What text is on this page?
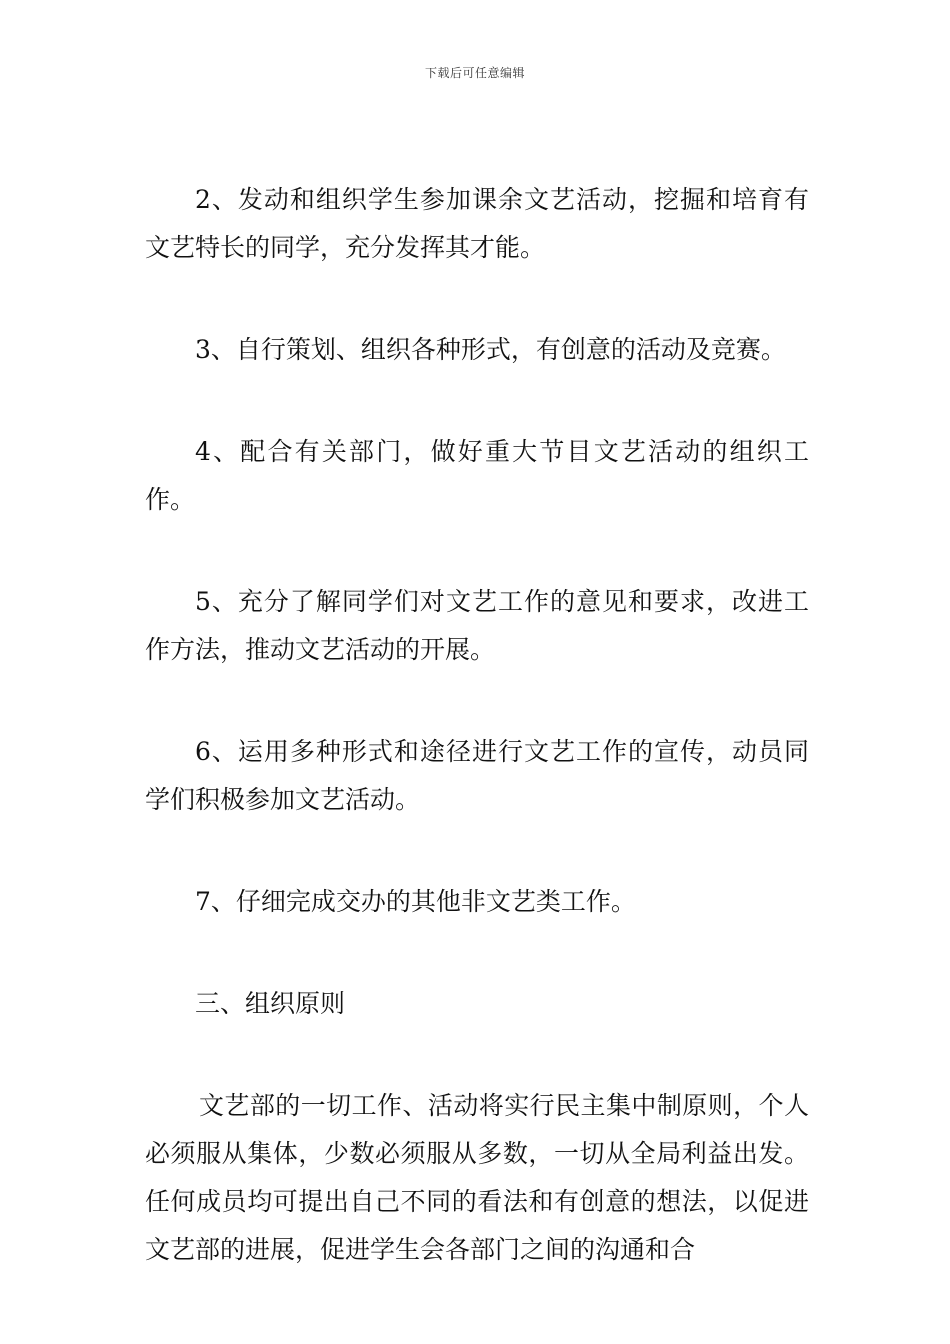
下载后可任意编辑

2、发动和组织学生参加课余文艺活动，挖掘和培育有文艺特长的同学，充分发挥其才能。

3、自行策划、组织各种形式，有创意的活动及竞赛。

4、配合有关部门，做好重大节目文艺活动的组织工作。

5、充分了解同学们对文艺工作的意见和要求，改进工作方法，推动文艺活动的开展。

6、运用多种形式和途径进行文艺工作的宣传，动员同学们积极参加文艺活动。

7、仔细完成交办的其他非文艺类工作。

三、组织原则

文艺部的一切工作、活动将实行民主集中制原则，个人必须服从集体，少数必须服从多数，一切从全局利益出发。任何成员均可提出自己不同的看法和有创意的想法，以促进文艺部的进展，促进学生会各部门之间的沟通和合
